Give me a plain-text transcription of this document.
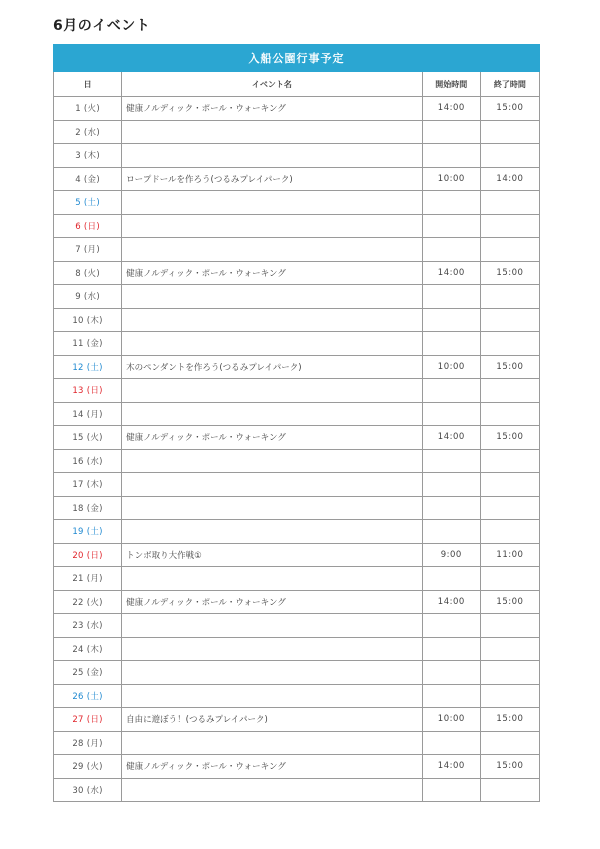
6月のイベント
入船公園行事予定			
日	イベント名	開始時間	終了時間
1 (火)	健康ノルディック・ポール・ウォーキング	14:00	15:00
2 (水)			
3 (木)			
4 (金)	ロープドールを作ろう(つるみプレイパーク)	10:00	14:00
5 (土)			
6 (日)			
7 (月)			
8 (火)	健康ノルディック・ポール・ウォーキング	14:00	15:00
9 (水)			
10 (木)			
11 (金)			
12 (土)	木のペンダントを作ろう(つるみプレイパーク)	10:00	15:00
13 (日)			
14 (月)			
15 (火)	健康ノルディック・ポール・ウォーキング	14:00	15:00
16 (水)			
17 (木)			
18 (金)			
19 (土)			
20 (日)	トンボ取り大作戦①	9:00	11:00
21 (月)			
22 (火)	健康ノルディック・ポール・ウォーキング	14:00	15:00
23 (水)			
24 (木)			
25 (金)			
26 (土)			
27 (日)	自由に遊ぼう！(つるみプレイパーク)	10:00	15:00
28 (月)			
29 (火)	健康ノルディック・ポール・ウォーキング	14:00	15:00
30 (水)			
